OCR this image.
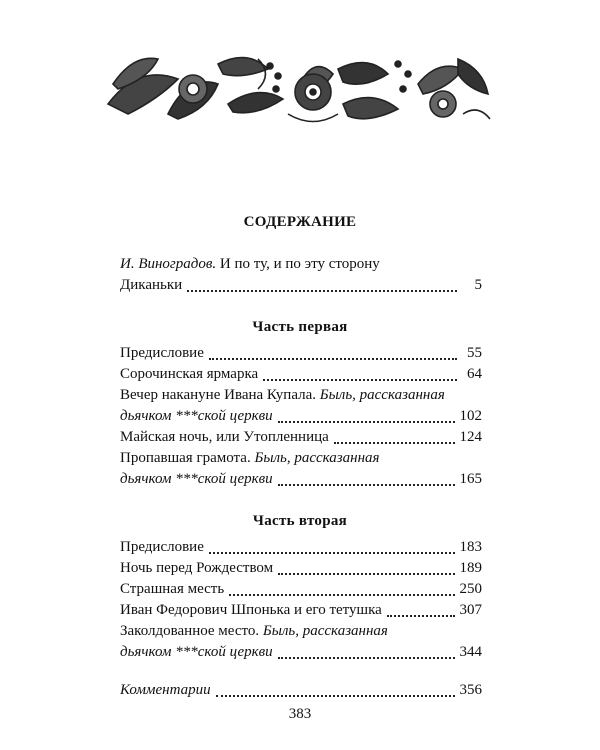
СОДЕРЖАНИЕ
И. Виноградов. И по ту, и по эту сторону
Диканьки	5
Часть первая
Предисловие	55
Сорочинская ярмарка	64
Вечер накануне Ивана Купала. Быль, рассказанная
дьячком ***ской церкви	102
Майская ночь, или Утопленница	124
Пропавшая грамота. Быль, рассказанная
дьячком ***ской церкви	165
Часть вторая
Предисловие	183
Ночь перед Рождеством	189
Страшная месть	250
Иван Федорович Шпонька и его тетушка	307
Заколдованное место. Быль, рассказанная
дьячком ***ской церкви	344
Комментарии	356
383
